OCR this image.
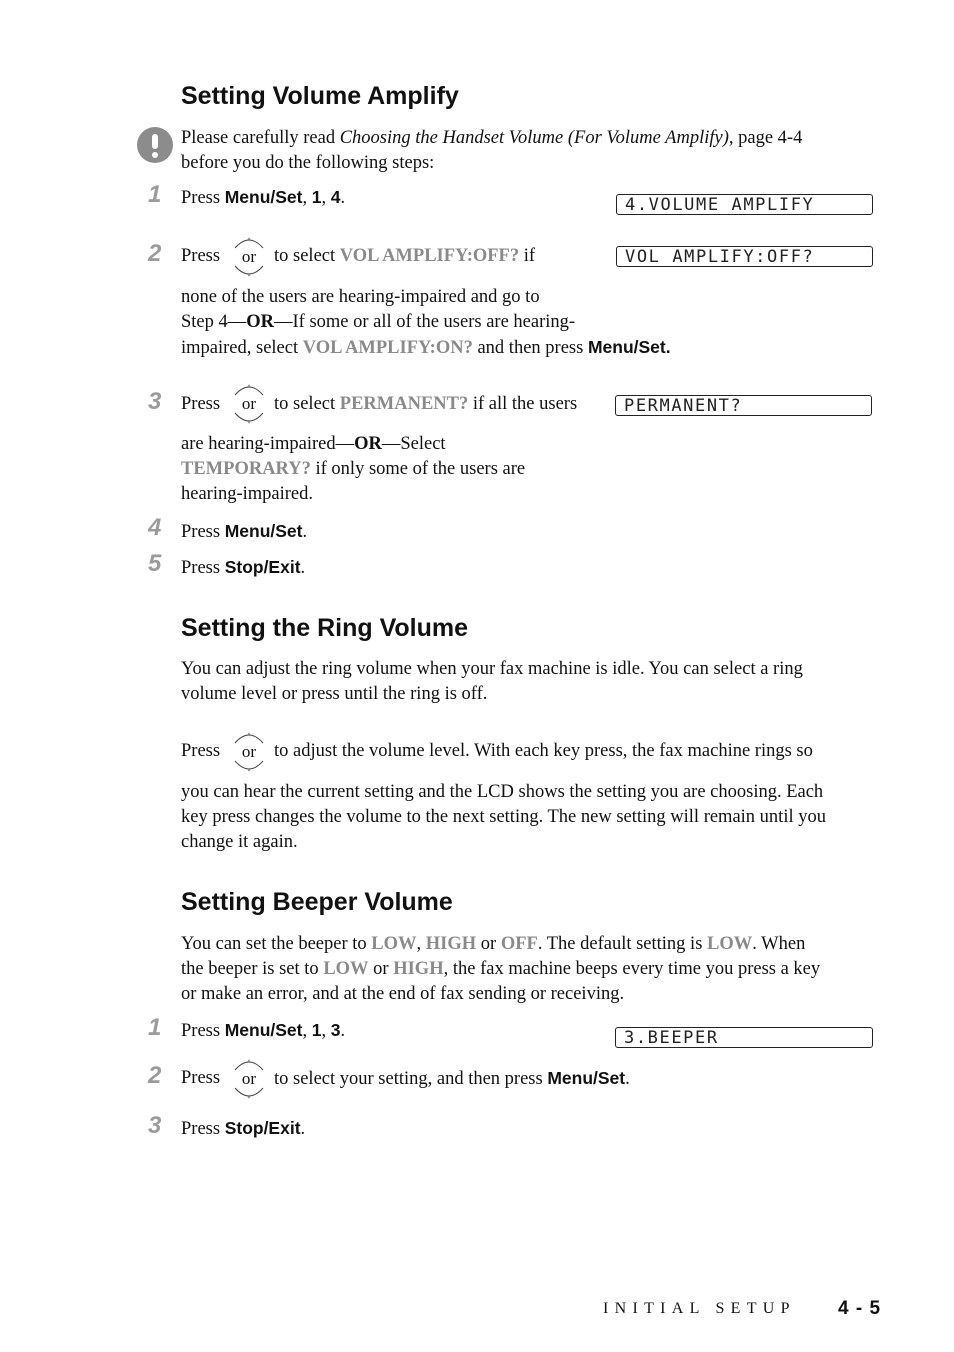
Setting Volume Amplify

Please carefully read Choosing the Handset Volume (For Volume Amplify), page 4-4
before you do the following steps:

1 Press Menu/Set, 1, 4.	4.VOLUME AMPLIFY
2 Press or to select VOL AMPLIFY:OFF? if	VOL AMPLIFY:OFF?

none of the users are hearing-impaired and go to
Step 4—OR—If some or all of the users are hearing-
impaired, select VOL AMPLIFY:ON? and then press Menu/Set.

3 Press or to select PERMANENT? if all the users	PERMANENT?

are hearing-impaired—OR—Select
TEMPORARY? if only some of the users are
hearing-impaired.

4 Press Menu/Set.

5 Press Stop/Exit.

Setting the Ring Volume

You can adjust the ring volume when your fax machine is idle. You can select a ring
volume level or press until the ring is off.

Press or to adjust the volume level. With each key press, the fax machine rings so

you can hear the current setting and the LCD shows the setting you are choosing. Each
key press changes the volume to the next setting. The new setting will remain until you
change it again.

Setting Beeper Volume

You can set the beeper to LOW, HIGH or OFF. The default setting is LOW. When
the beeper is set to LOW or HIGH, the fax machine beeps every time you press a key
or make an error, and at the end of fax sending or receiving.

1 Press Menu/Set, 1, 3.	3.BEEPER
2 Press or to select your setting, and then press Menu/Set.

3 Press Stop/Exit.

INITIAL SETUP 4 - 5
